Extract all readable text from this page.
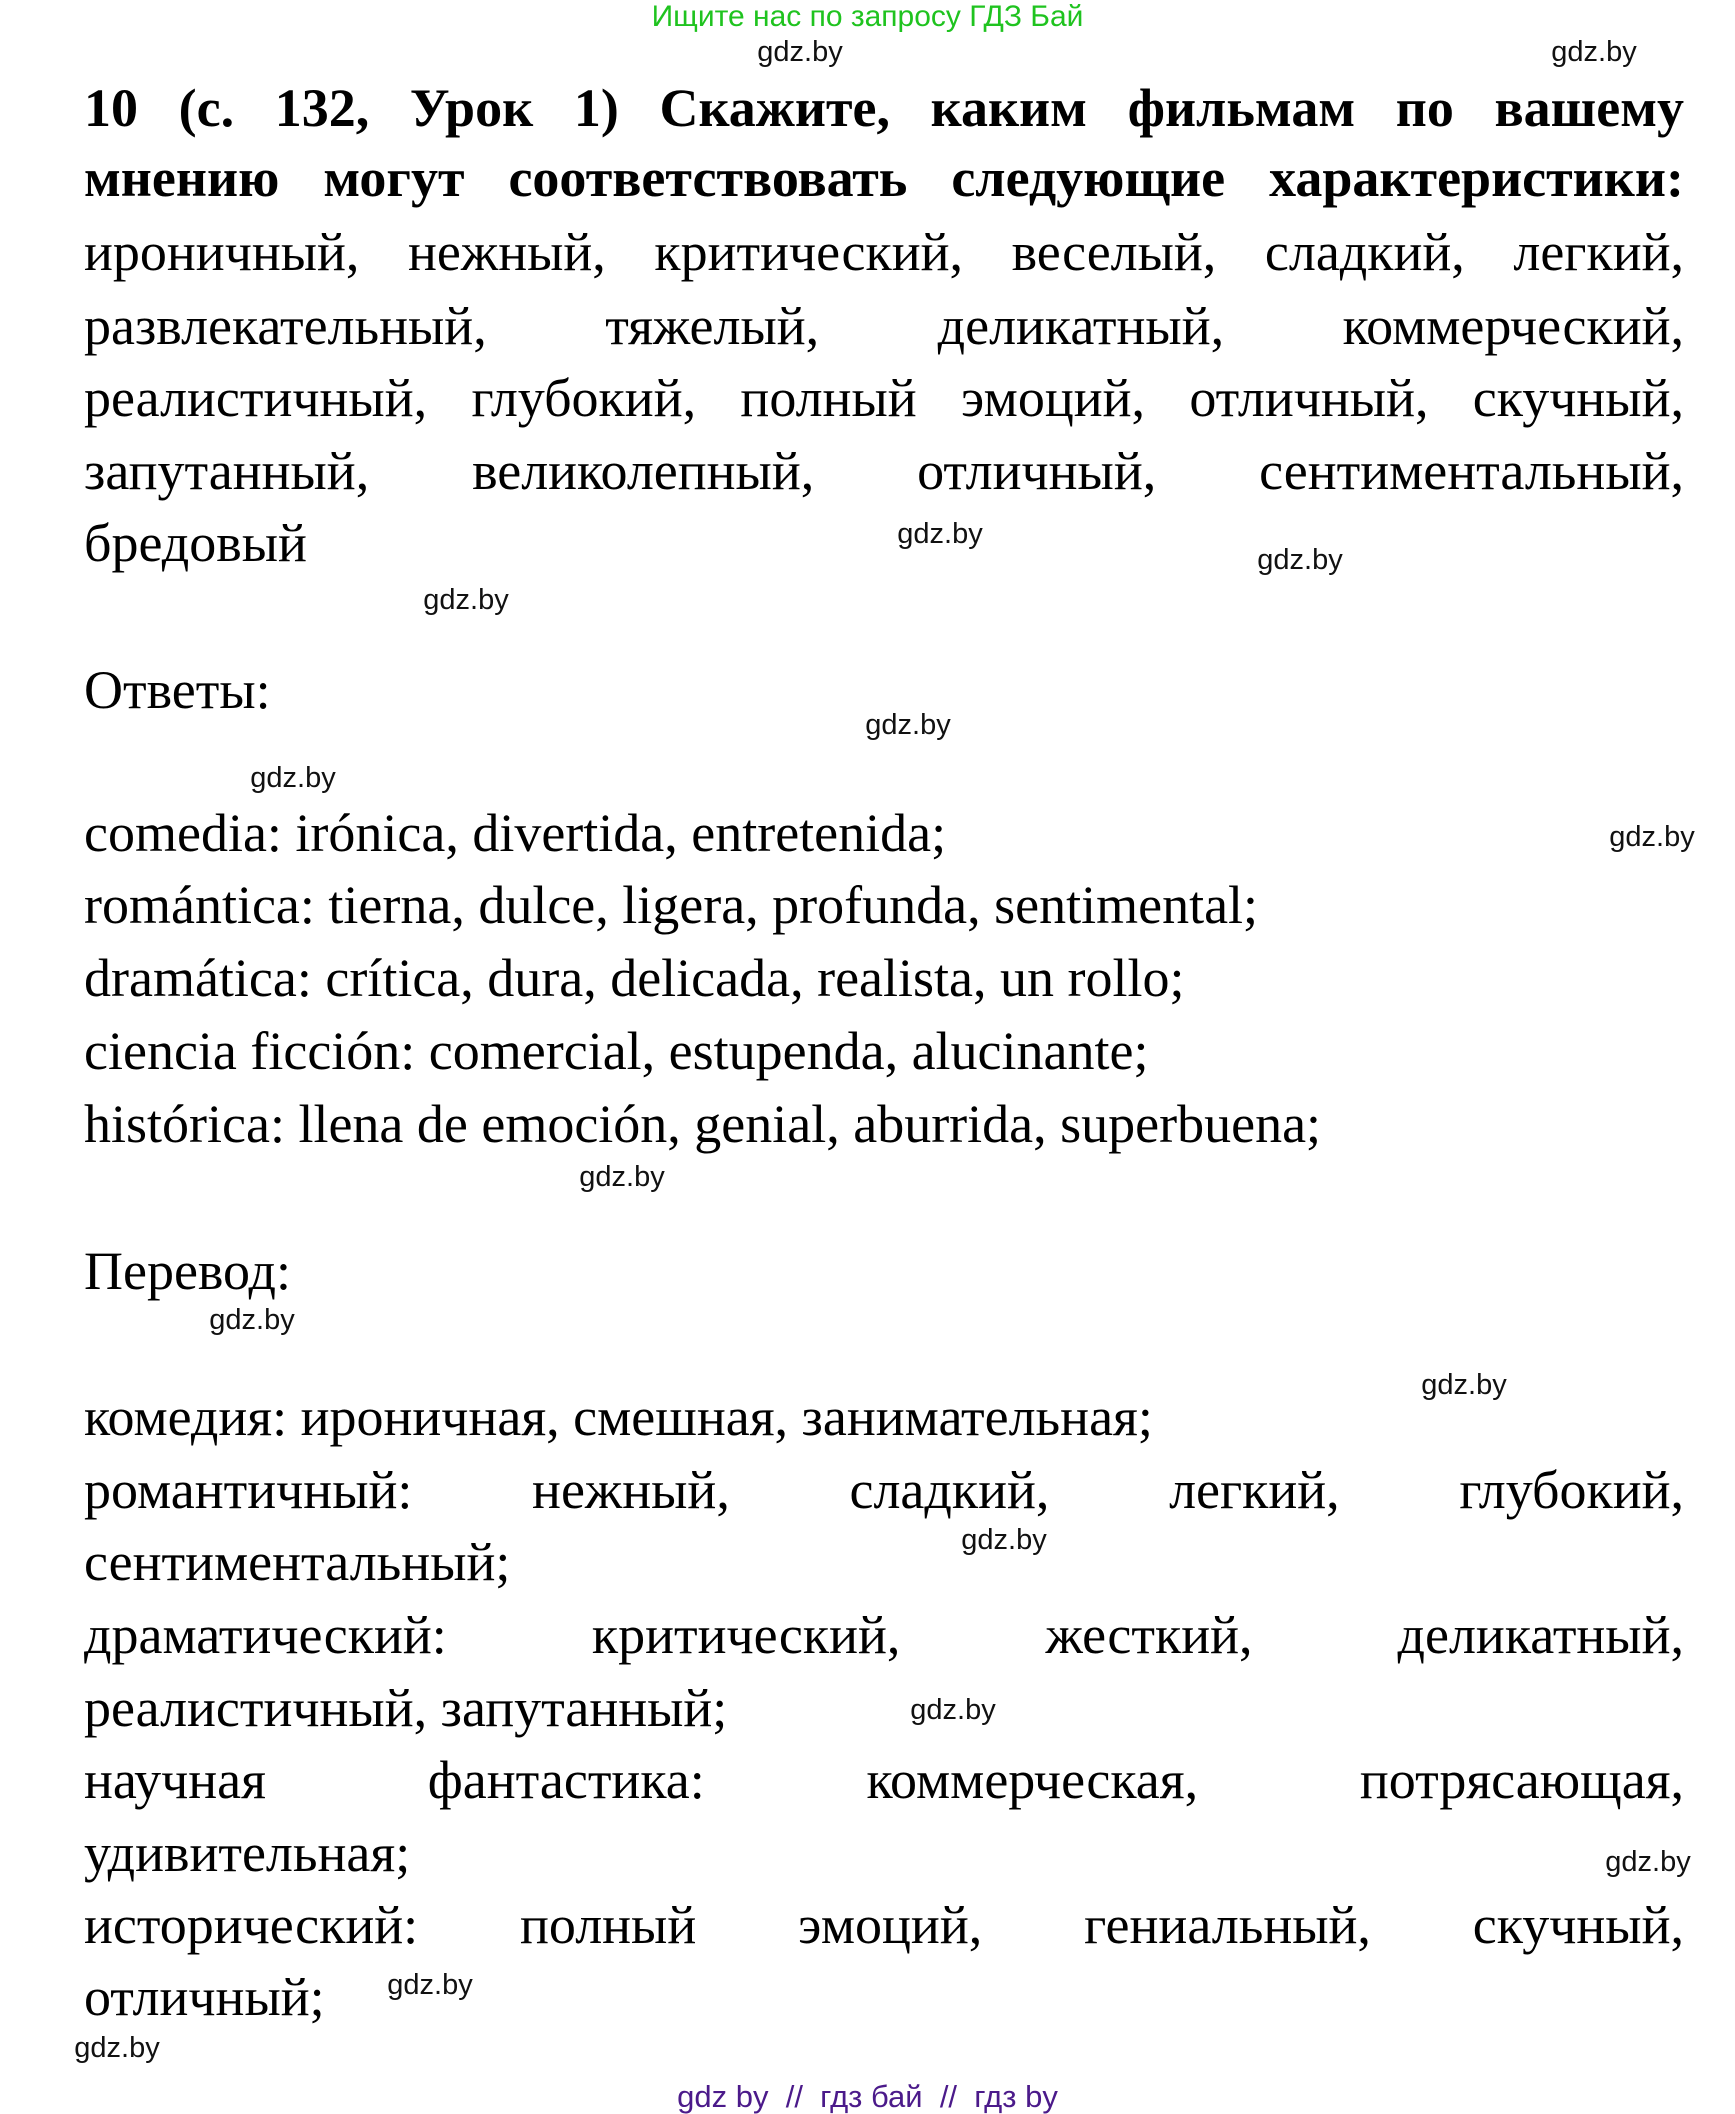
Ищите нас по запросу ГДЗ Бай
10 (с. 132, Урок 1) Скажите, каким фильмам по вашему
мнению могут соответствовать следующие характеристики:
ироничный, нежный, критический, веселый, сладкий, легкий,
развлекательный, тяжелый, деликатный, коммерческий,
реалистичный, глубокий, полный эмоций, отличный, скучный,
запутанный, великолепный, отличный, сентиментальный,
бредовый
Ответы:
comedia: irónica, divertida, entretenida;
romántica: tierna, dulce, ligera, profunda, sentimental;
dramática: crítica, dura, delicada, realista, un rollo;
ciencia ficción: comercial, estupenda, alucinante;
histórica: llena de emoción, genial, aburrida, superbuena;
Перевод:
комедия: ироничная, смешная, занимательная;
романтичный: нежный, сладкий, легкий, глубокий,
сентиментальный;
драматический: критический, жесткий, деликатный,
реалистичный, запутанный;
научная фантастика: коммерческая, потрясающая,
удивительная;
исторический: полный эмоций, гениальный, скучный,
отличный;
gdz.by	gdz.by
gdz.by
gdz.by
gdz.by
gdz.by
gdz.by
gdz.by
gdz.by
gdz.by
gdz.by
gdz.by
gdz.by
gdz.by
gdz.by
gdz.by
gdz by  //  гдз бай  //  гдз by
